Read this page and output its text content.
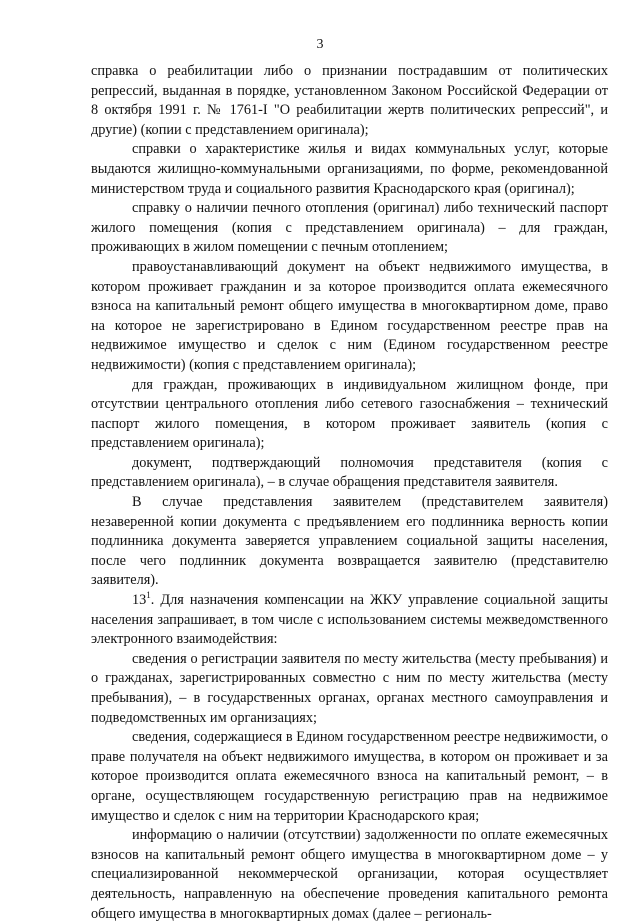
3

справка о реабилитации либо о признании пострадавшим от политических репрессий, выданная в порядке, установленном Законом Российской Федерации от 8 октября 1991 г. № 1761-I "О реабилитации жертв политических репрессий", и другие) (копии с представлением оригинала);

справки о характеристике жилья и видах коммунальных услуг, которые выдаются жилищно-коммунальными организациями, по форме, рекомендованной министерством труда и социального развития Краснодарского края (оригинал);

справку о наличии печного отопления (оригинал) либо технический паспорт жилого помещения (копия с представлением оригинала) – для граждан, проживающих в жилом помещении с печным отоплением;

правоустанавливающий документ на объект недвижимого имущества, в котором проживает гражданин и за которое производится оплата ежемесячного взноса на капитальный ремонт общего имущества в многоквартирном доме, право на которое не зарегистрировано в Едином государственном реестре прав на недвижимое имущество и сделок с ним (Едином государственном реестре недвижимости) (копия с представлением оригинала);

для граждан, проживающих в индивидуальном жилищном фонде, при отсутствии центрального отопления либо сетевого газоснабжения – технический паспорт жилого помещения, в котором проживает заявитель (копия с представлением оригинала);

документ, подтверждающий полномочия представителя (копия с представлением оригинала), – в случае обращения представителя заявителя.

В случае представления заявителем (представителем заявителя) незаверенной копии документа с предъявлением его подлинника верность копии подлинника документа заверяется управлением социальной защиты населения, после чего подлинник документа возвращается заявителю (представителю заявителя).

$13^1$. Для назначения компенсации на ЖКУ управление социальной защиты населения запрашивает, в том числе с использованием системы межведомственного электронного взаимодействия:

сведения о регистрации заявителя по месту жительства (месту пребывания) и о гражданах, зарегистрированных совместно с ним по месту жительства (месту пребывания), – в государственных органах, органах местного самоуправления и подведомственных им организациях;

сведения, содержащиеся в Едином государственном реестре недвижимости, о праве получателя на объект недвижимого имущества, в котором он проживает и за которое производится оплата ежемесячного взноса на капитальный ремонт, – в органе, осуществляющем государственную регистрацию прав на недвижимое имущество и сделок с ним на территории Краснодарского края;

информацию о наличии (отсутствии) задолженности по оплате ежемесячных взносов на капитальный ремонт общего имущества в многоквартирном доме – у специализированной некоммерческой организации, которая осуществляет деятельность, направленную на обеспечение проведения капитального ремонта общего имущества в многоквартирных домах (далее – региональ-
